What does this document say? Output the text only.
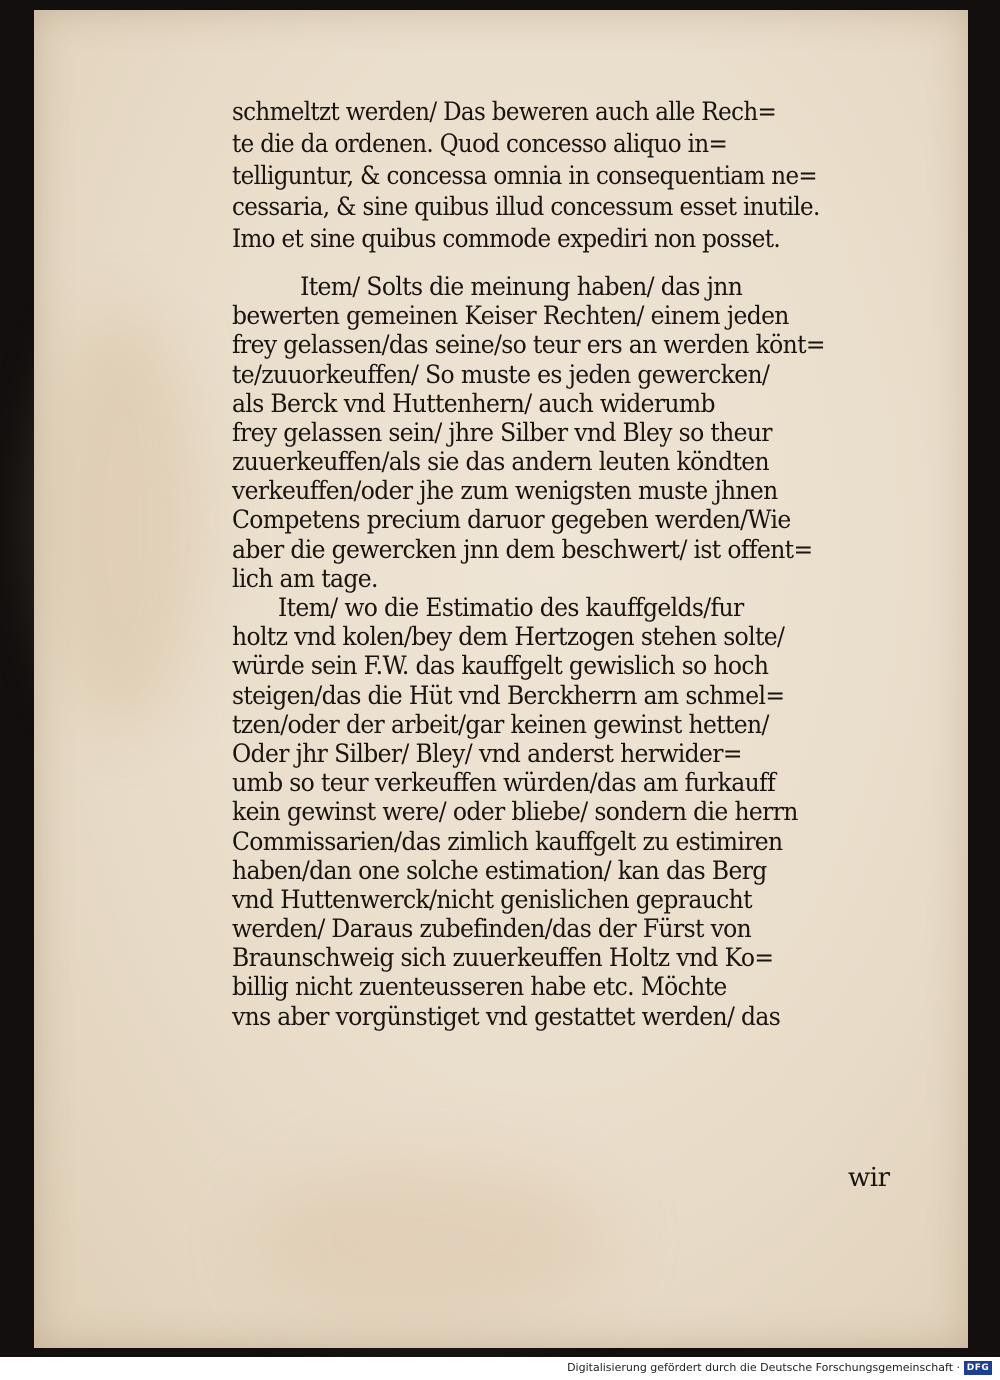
schmeltzt werden/ Das beweren auch alle Rech=
te die da ordenen. Quod concesso aliquo in=
telliguntur, & concessa omnia in consequentiam ne=
cessaria, & sine quibus illud concessum esset inutile.
Imo et sine quibus commode expediri non posset.
Item/ Solts die meinung haben/ das jnn
bewerten gemeinen Keiser Rechten/ einem jeden
frey gelassen/das seine/so teur ers an werden könt=
te/zuuorkeuffen/ So muste es jeden gewercken/
als Berck vnd Huttenhern/ auch widerumb
frey gelassen sein/ jhre Silber vnd Bley so theur
zuuerkeuffen/als sie das andern leuten köndten
verkeuffen/oder jhe zum wenigsten muste jhnen
Competens precium daruor gegeben werden/Wie
aber die gewercken jnn dem beschwert/ ist offent=
lich am tage.
Item/ wo die Estimatio des kauffgelds/fur
holtz vnd kolen/bey dem Hertzogen stehen solte/
würde sein F.W. das kauffgelt gewislich so hoch
steigen/das die Hüt vnd Berckherrn am schmel=
tzen/oder der arbeit/gar keinen gewinst hetten/
Oder jhr Silber/ Bley/ vnd anderst herwider=
umb so teur verkeuffen würden/das am furkauff
kein gewinst were/ oder bliebe/ sondern die herrn
Commissarien/das zimlich kauffgelt zu estimiren
haben/dan one solche estimation/ kan das Berg
vnd Huttenwerck/nicht genislichen gepraucht
werden/ Daraus zubefinden/das der Fürst von
Braunschweig sich zuuerkeuffen Holtz vnd Ko=
billig nicht zuenteusseren habe etc. Möchte
vns aber vorgünstiget vnd gestattet werden/ das
wir
Digitalisierung gefördert durch die Deutsche Forschungsgemeinschaft · DFG
